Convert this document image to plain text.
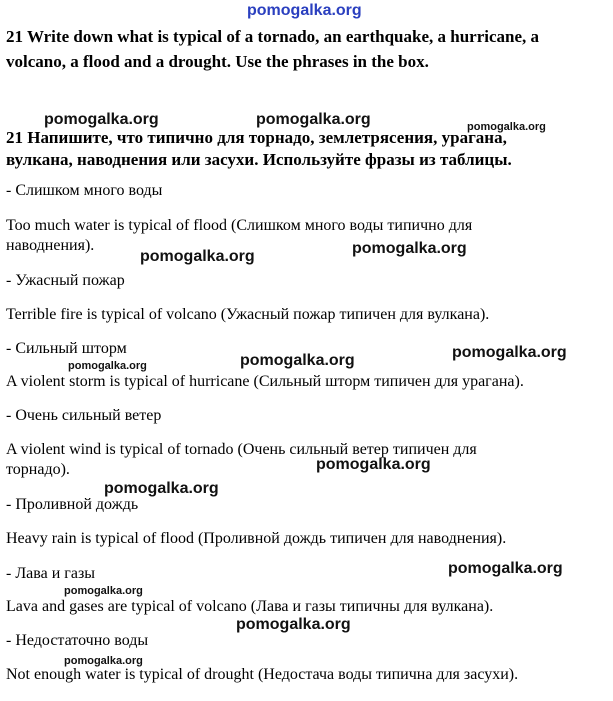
pomogalka.org
21 Write down what is typical of a tornado, an earthquake, a hurricane, a
volcano, a flood and a drought. Use the phrases in the box.
21 Напишите, что типично для торнадо, землетрясения, урагана,
вулкана, наводнения или засухи. Используйте фразы из таблицы.
- Слишком много воды
Too much water is typical of flood (Слишком много воды типично для
наводнения).
- Ужасный пожар
Terrible fire is typical of volcano (Ужасный пожар типичен для вулкана).
- Сильный шторм
A violent storm is typical of hurricane (Сильный шторм типичен для урагана).
- Очень сильный ветер
A violent wind is typical of tornado (Очень сильный ветер типичен для
торнадо).
- Проливной дождь
Heavy rain is typical of flood (Проливной дождь типичен для наводнения).
- Лава и газы
Lava and gases are typical of volcano (Лава и газы типичны для вулкана).
- Недостаточно воды
Not enough water is typical of drought (Недостача воды типична для засухи).
pomogalka.org	pomogalka.org	pomogalka.org
pomogalka.org	pomogalka.org
pomogalka.org	pomogalka.org
pomogalka.org
pomogalka.org
pomogalka.org
pomogalka.org
pomogalka.org
pomogalka.org
pomogalka.org
